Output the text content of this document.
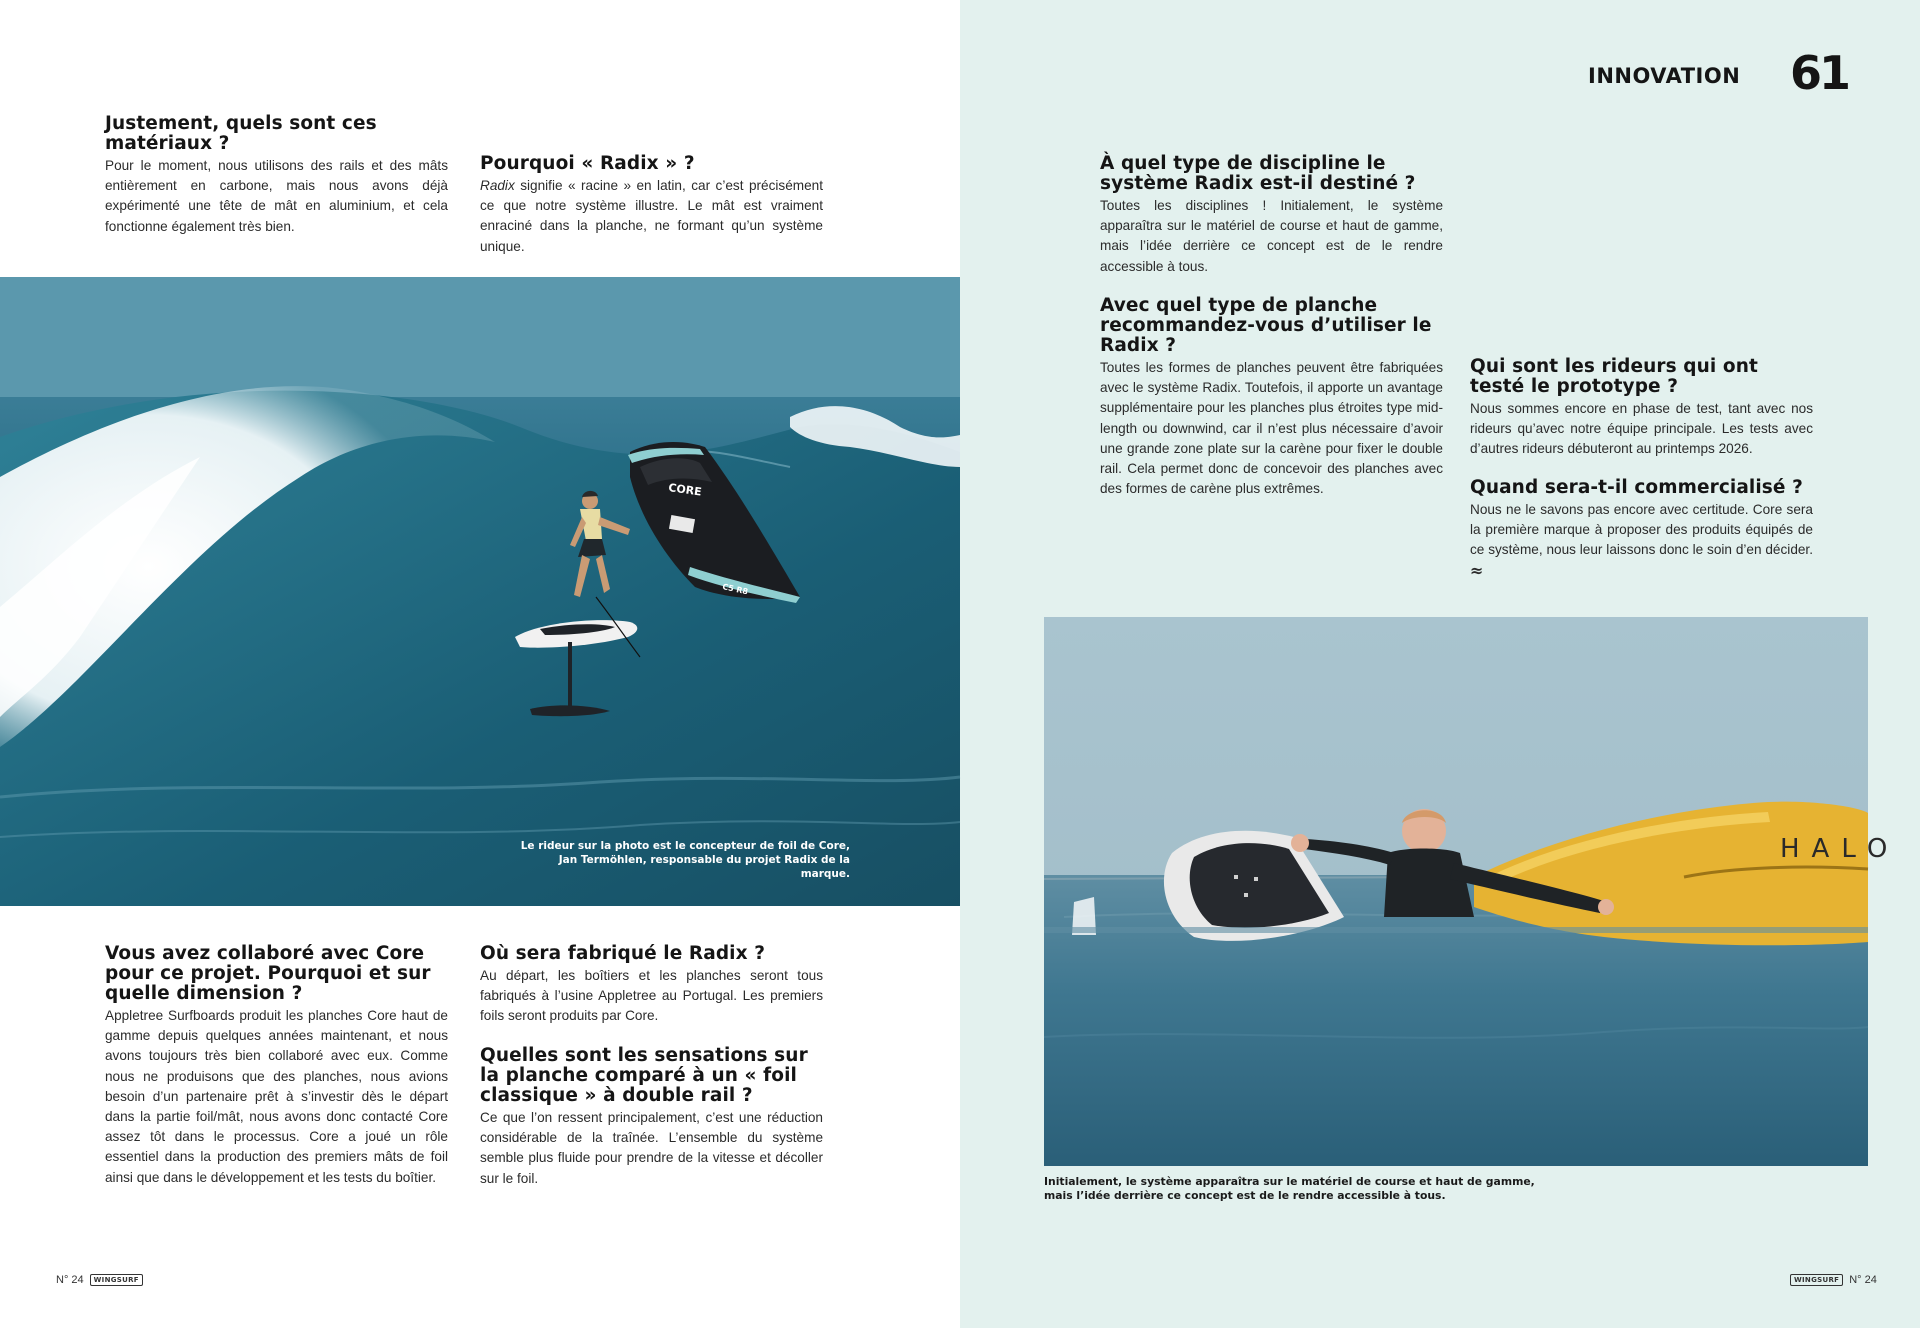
INNOVATION 61
Justement, quels sont ces matériaux ?

Pour le moment, nous utilisons des rails et des mâts entièrement en carbone, mais nous avons déjà expérimenté une tête de mât en aluminium, et cela fonctionne également très bien.

Pourquoi « Radix » ?

Radix signifie « racine » en latin, car c’est précisément ce que notre système illustre. Le mât est vraiment enraciné dans la planche, ne formant qu’un système unique.

CORE
C5 R8
Le rideur sur la photo est le concepteur de foil de Core,
Jan Termöhlen, responsable du projet Radix de la marque.
Vous avez collaboré avec Core pour ce projet. Pourquoi et sur quelle dimension ?

Appletree Surfboards produit les planches Core haut de gamme depuis quelques années maintenant, et nous avons toujours très bien collaboré avec eux. Comme nous ne produisons que des planches, nous avions besoin d’un partenaire prêt à s’investir dès le départ dans la partie foil/mât, nous avons donc contacté Core assez tôt dans le processus. Core a joué un rôle essentiel dans la production des premiers mâts de foil ainsi que dans le développement et les tests du boîtier.

Où sera fabriqué le Radix ?

Au départ, les boîtiers et les planches seront tous fabriqués à l’usine Appletree au Portugal. Les premiers foils seront produits par Core.

Quelles sont les sensations sur la planche comparé à un « foil classique » à double rail ?

Ce que l’on ressent principalement, c’est une réduction considérable de la traînée. L’ensemble du système semble plus fluide pour prendre de la vitesse et décoller sur le foil.

N° 24	WINGSURF
À quel type de discipline le système Radix est-il destiné ?

Toutes les disciplines ! Initialement, le système apparaîtra sur le matériel de course et haut de gamme, mais l’idée derrière ce concept est de le rendre accessible à tous.

Avec quel type de planche recommandez-vous d’utiliser le Radix ?

Toutes les formes de planches peuvent être fabriquées avec le système Radix. Toutefois, il apporte un avantage supplémentaire pour les planches plus étroites type mid-length ou downwind, car il n’est plus nécessaire d’avoir une grande zone plate sur la carène pour fixer le double rail. Cela permet donc de concevoir des planches avec des formes de carène plus extrêmes.

Qui sont les rideurs qui ont testé le prototype ?

Nous sommes encore en phase de test, tant avec nos rideurs qu’avec notre équipe principale. Les tests avec d’autres rideurs débuteront au printemps 2026.

Quand sera-t-il commercialisé ?

Nous ne le savons pas encore avec certitude. Core sera la première marque à proposer des produits équipés de ce système, nous leur laissons donc le soin d’en décider. ≈

HALO
Initialement, le système apparaîtra sur le matériel de course et haut de gamme,
mais l’idée derrière ce concept est de le rendre accessible à tous.
WINGSURF N° 24
